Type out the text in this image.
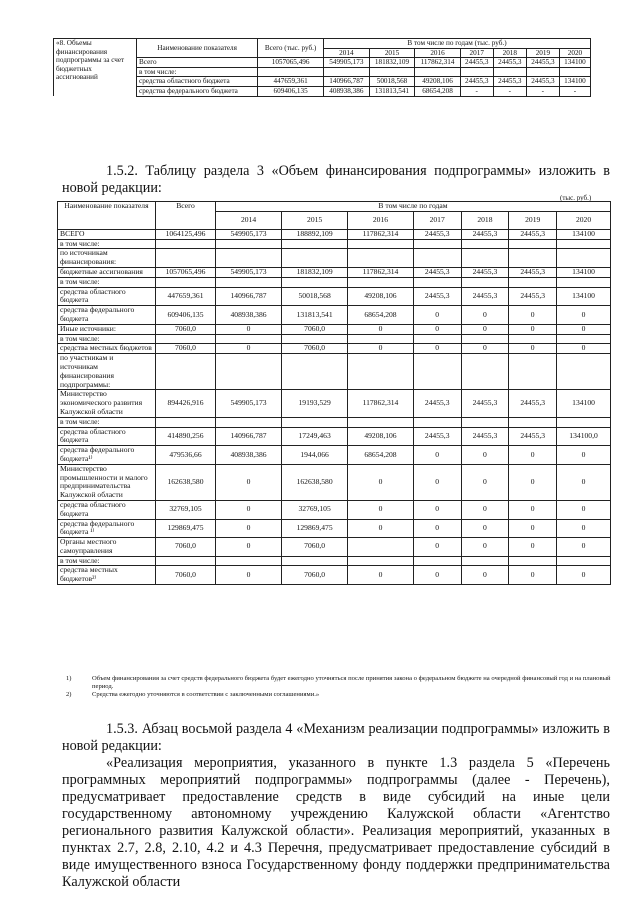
«8. Объемы финансирования подпрограммы за счет бюджетных ассигнований	Наименование показателя	Всего (тыс. руб.)	В том числе по годам (тыс. руб.)						
			2014	2015	2016	2017	2018	2019	2020
	Всего	1057065,496	549905,173	181832,109	117862,314	24455,3	24455,3	24455,3	134100
	в том числе:								
	средства областного бюджета	447659,361	140966,787	50018,568	49208,106	24455,3	24455,3	24455,3	134100
	средства федерального бюджета	609406,135	408938,386	131813,541	68654,208	-	-	-	-
1.5.2. Таблицу раздела 3 «Объем финансирования подпрограммы» изложить в новой редакции:
(тыс. руб.)
Наименование показателя	Всего	В том числе по годам						
		2014	2015	2016	2017	2018	2019	2020
ВСЕГО	1064125,496	549905,173	188892,109	117862,314	24455,3	24455,3	24455,3	134100
в том числе:								
по источникам финансирования:								
бюджетные ассигнования	1057065,496	549905,173	181832,109	117862,314	24455,3	24455,3	24455,3	134100
в том числе:								
средства областного бюджета	447659,361	140966,787	50018,568	49208,106	24455,3	24455,3	24455,3	134100
средства федерального бюджета	609406,135	408938,386	131813,541	68654,208	0	0	0	0
Иные источники:	7060,0	0	7060,0	0	0	0	0	0
в том числе:								
средства местных бюджетов	7060,0	0	7060,0	0	0	0	0	0
по участникам и источникам финансирования подпрограммы:								
Министерство экономического развития Калужской области	894426,916	549905,173	19193,529	117862,314	24455,3	24455,3	24455,3	134100
в том числе:								
средства областного бюджета	414890,256	140966,787	17249,463	49208,106	24455,3	24455,3	24455,3	134100,0
средства федерального бюджета¹⁾	479536,66	408938,386	1944,066	68654,208	0	0	0	0
Министерство промышленности и малого предпринимательства Калужской области	162638,580	0	162638,580	0	0	0	0	0
средства областного бюджета	32769,105	0	32769,105	0	0	0	0	0
средства федерального бюджета ¹⁾	129869,475	0	129869,475	0	0	0	0	0
Органы местного самоуправления	7060,0	0	7060,0		0	0	0	0
в том числе:								
средства местных бюджетов²⁾	7060,0	0	7060,0	0	0	0	0	0
1)	Объем финансирования за счет средств федерального бюджета будет ежегодно уточняться после принятия закона о федеральном бюджете на очередной финансовый год и на плановый период.
2)	Средства ежегодно уточняются в соответствии с заключенными соглашениями.»
1.5.3. Абзац восьмой раздела 4 «Механизм реализации подпрограммы» изложить в новой редакции:
«Реализация мероприятия, указанного в пункте 1.3 раздела 5 «Перечень программных мероприятий подпрограммы» подпрограммы (далее - Перечень), предусматривает предоставление средств в виде субсидий на иные цели государственному автономному учреждению Калужской области «Агентство регионального развития Калужской области». Реализация мероприятий, указанных в пунктах 2.7, 2.8, 2.10, 4.2 и 4.3 Перечня, предусматривает предоставление субсидий в виде имущественного взноса Государственному фонду поддержки предпринимательства Калужской области
